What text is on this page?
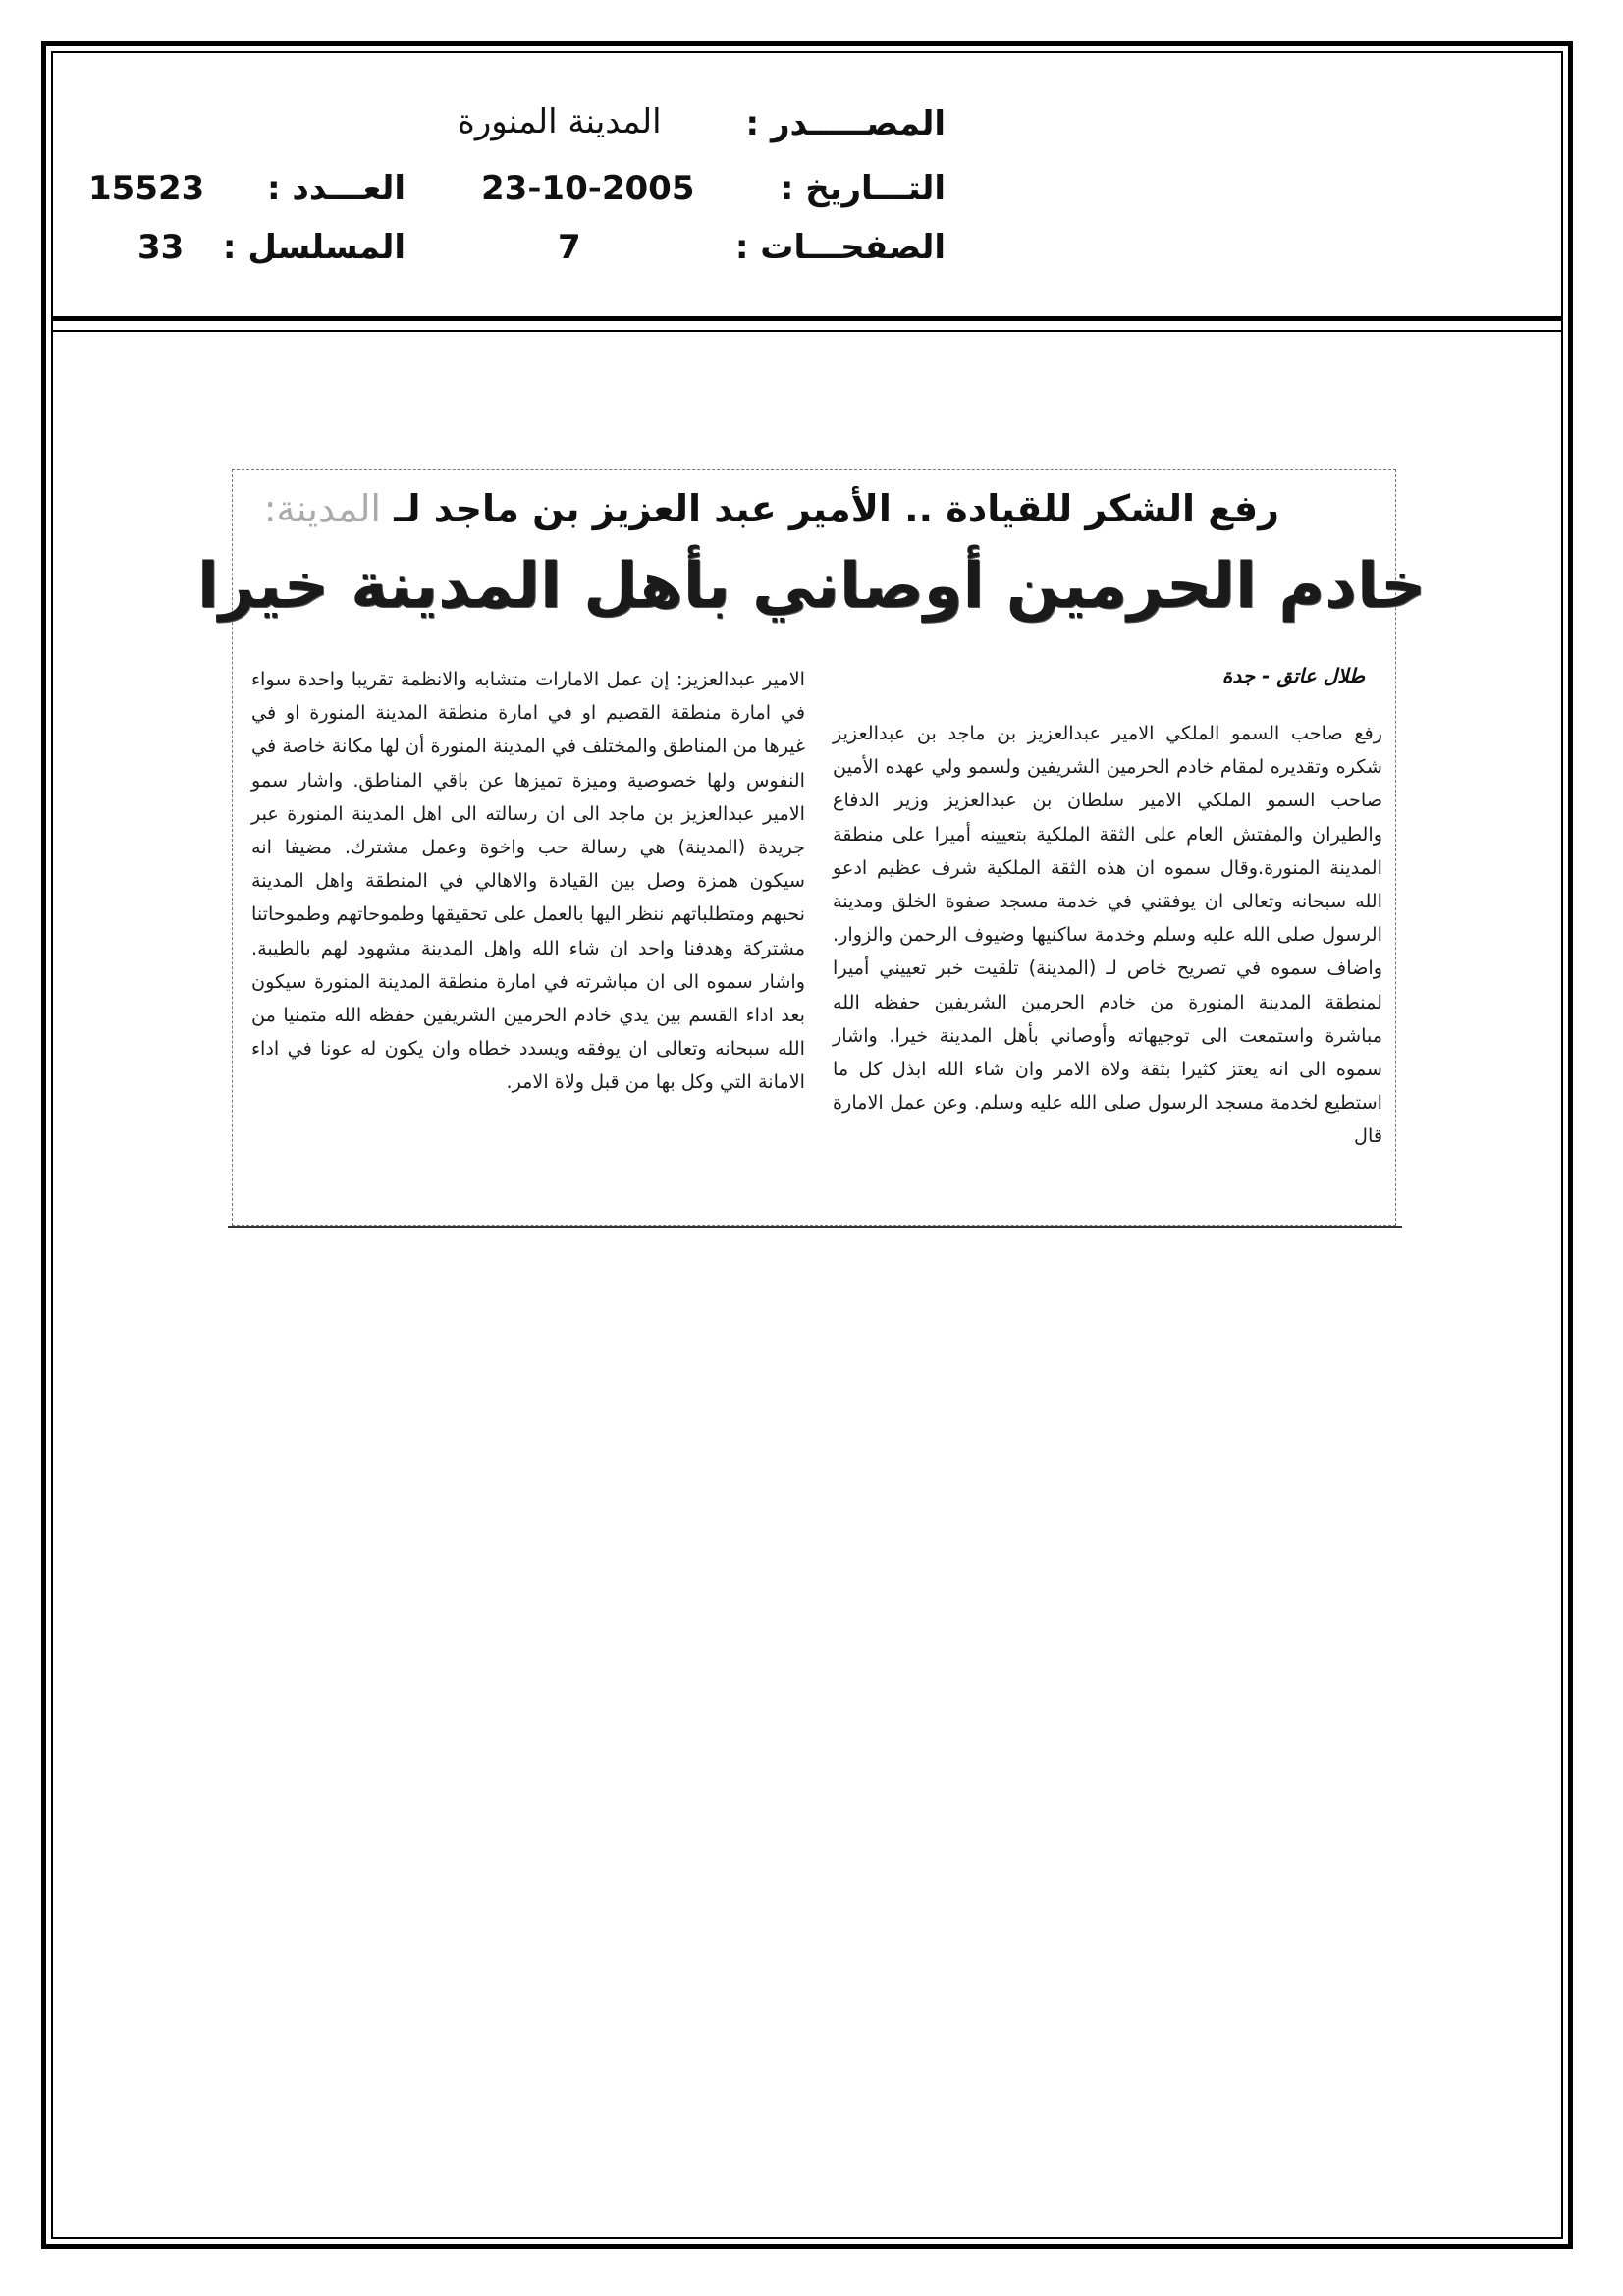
المصـــــدر :
المدينة المنورة
التـــاريخ :
23-10-2005
العـــدد :
15523
الصفحـــات :
7
المسلسل :
33
رفع الشكر للقيادة .. الأمير عبد العزيز بن ماجد لـ المدينة:
خادم الحرمين أوصاني بأهل المدينة خيرا
طلال عاتق - جدة
رفع صاحب السمو الملكي الامير عبدالعزيز بن ماجد بن عبدالعزيز شكره وتقديره لمقام خادم الحرمين الشريفين ولسمو ولي عهده الأمين صاحب السمو الملكي الامير سلطان بن عبدالعزيز وزير الدفاع والطيران والمفتش العام على الثقة الملكية بتعيينه أميرا على منطقة المدينة المنورة.وقال سموه ان هذه الثقة الملكية شرف عظيم ادعو الله سبحانه وتعالى ان يوفقني في خدمة مسجد صفوة الخلق ومدينة الرسول صلى الله عليه وسلم وخدمة ساكنيها وضيوف الرحمن والزوار. واضاف سموه في تصريح خاص لـ (المدينة) تلقيت خبر تعييني أميرا لمنطقة المدينة المنورة من خادم الحرمين الشريفين حفظه الله مباشرة واستمعت الى توجيهاته وأوصاني بأهل المدينة خيرا. واشار سموه الى انه يعتز كثيرا بثقة ولاة الامر وان شاء الله ابذل كل ما استطيع لخدمة مسجد الرسول صلى الله عليه وسلم. وعن عمل الامارة قال
الامير عبدالعزيز: إن عمل الامارات متشابه والانظمة تقريبا واحدة سواء في امارة منطقة القصيم او في امارة منطقة المدينة المنورة او في غيرها من المناطق والمختلف في المدينة المنورة أن لها مكانة خاصة في النفوس ولها خصوصية وميزة تميزها عن باقي المناطق. واشار سمو الامير عبدالعزيز بن ماجد الى ان رسالته الى اهل المدينة المنورة عبر جريدة (المدينة) هي رسالة حب واخوة وعمل مشترك. مضيفا انه سيكون همزة وصل بين القيادة والاهالي في المنطقة واهل المدينة نحبهم ومتطلباتهم ننظر اليها بالعمل على تحقيقها وطموحاتهم وطموحاتنا مشتركة وهدفنا واحد ان شاء الله واهل المدينة مشهود لهم بالطيبة. واشار سموه الى ان مباشرته في امارة منطقة المدينة المنورة سيكون بعد اداء القسم بين يدي خادم الحرمين الشريفين حفظه الله متمنيا من الله سبحانه وتعالى ان يوفقه ويسدد خطاه وان يكون له عونا في اداء الامانة التي وكل بها من قبل ولاة الامر.
